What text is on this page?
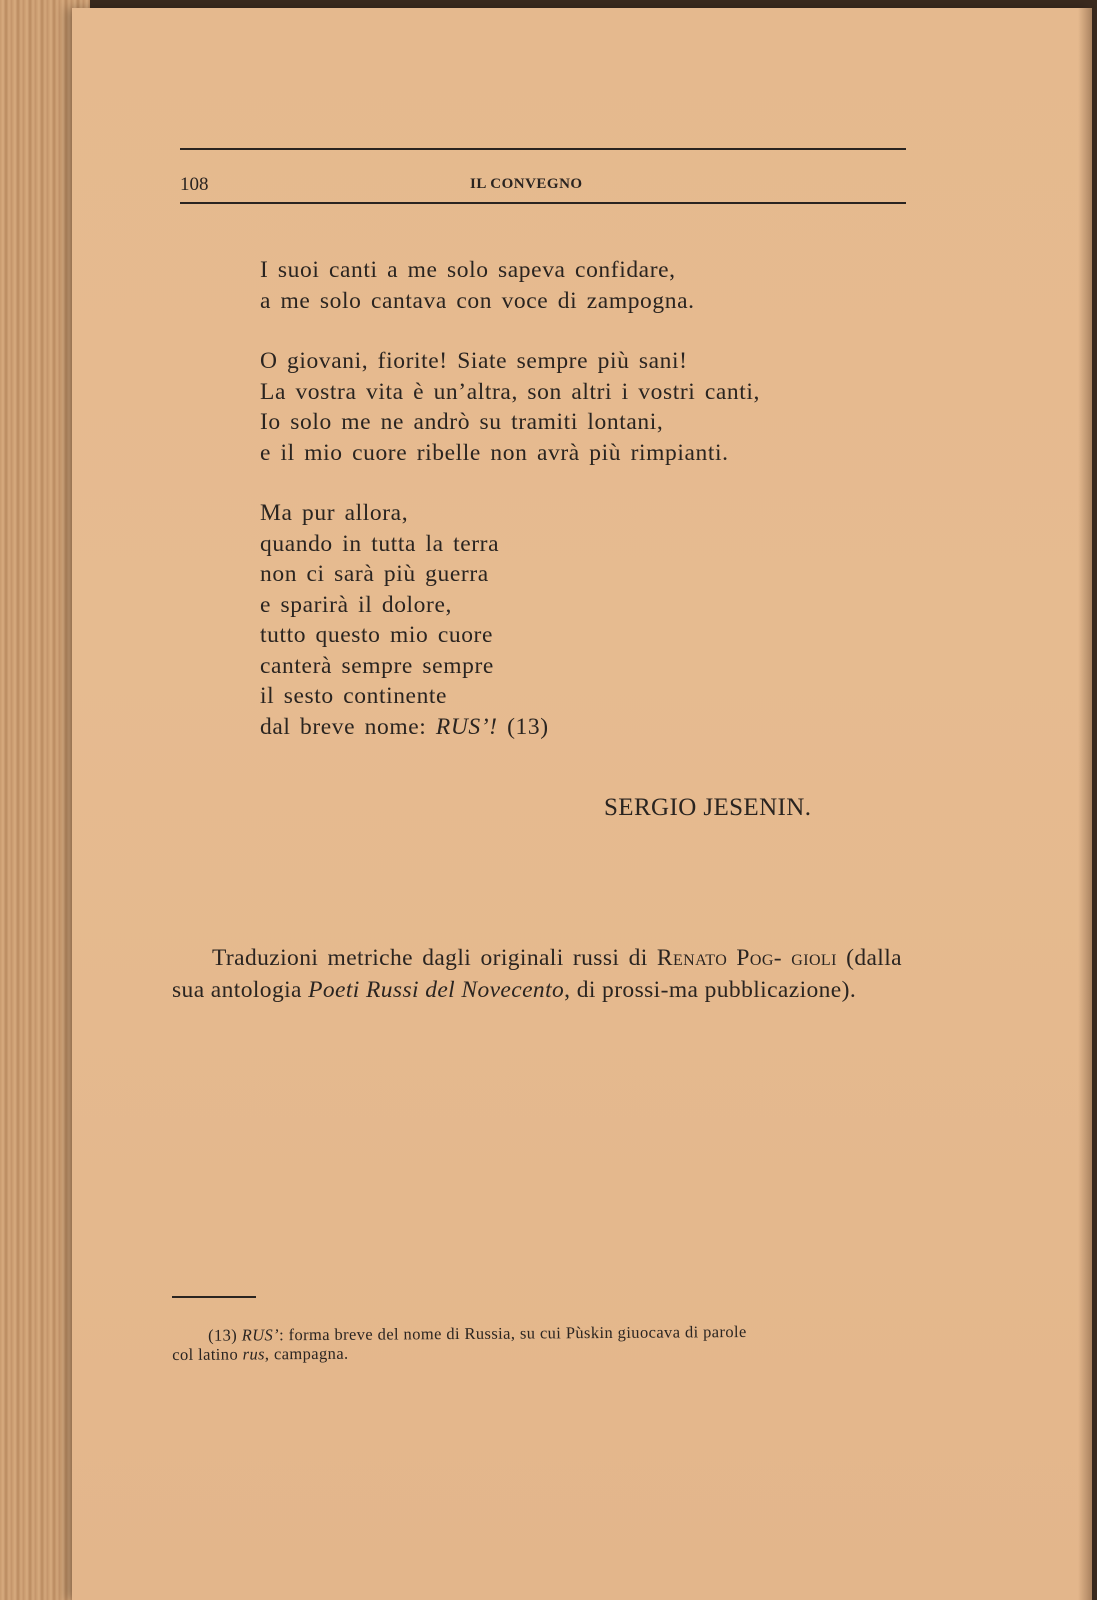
108	IL CONVEGNO
I suoi canti a me solo sapeva confidare,
a me solo cantava con voce di zampogna.
O giovani, fiorite! Siate sempre più sani!
La vostra vita è un’altra, son altri i vostri canti,
Io solo me ne andrò su tramiti lontani,
e il mio cuore ribelle non avrà più rimpianti.
Ma pur allora,
quando in tutta la terra
non ci sarà più guerra
e sparirà il dolore,
tutto questo mio cuore
canterà sempre sempre
il sesto continente
dal breve nome: RUS’! (13)
SERGIO JESENIN.

Traduzioni metriche dagli originali russi di Renato Pog- gioli (dalla sua antologia Poeti Russi del Novecento, di prossi-ma pubblicazione).

(13) RUS’: forma breve del nome di Russia, su cui Pùskin giuocava di parole
col latino rus, campagna.
